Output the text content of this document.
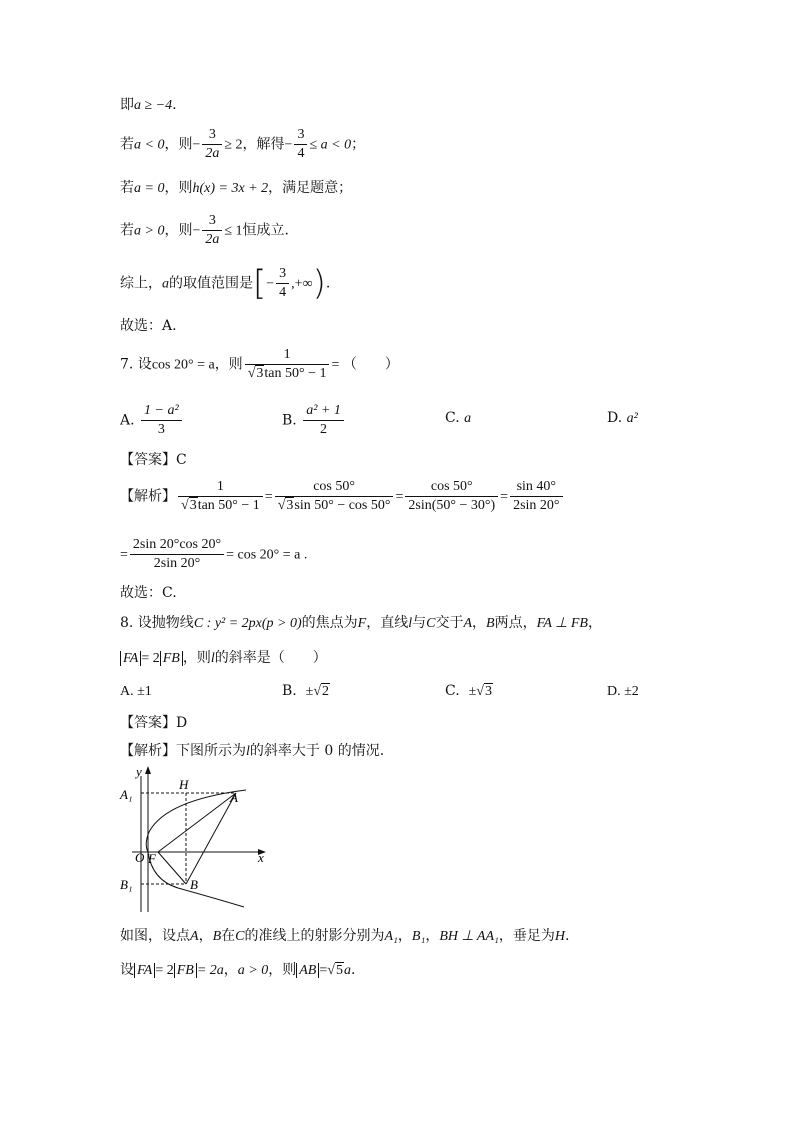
即a ≥ −4.
若a < 0，则− $\frac{3}{2a} \ge 2$，解得− $\frac{3}{4} \le a < 0$；
若a = 0，则h(x) = 3x + 2，满足题意；
若a > 0，则− $\frac{3}{2a} \le 1$恒成立.
综上，a的取值范围是[− $\frac{3}{4}$ ,+∞).
故选：A.
7. 设cos 20° = a，则 $\frac{1}{√3\tan 50^\circ - 1}$ = （　　）
A. $\frac{\text{1 − a²}}{3}$	B. $\frac{\text{a² + 1}}{2}$	C. a	D. a²
【答案】C
【解析】 $\frac{1}{√3\tan 50^\circ - 1} = \frac{\cos 50^\circ}{√3\sin 50^\circ - \cos 50^\circ} = \frac{\cos 50^\circ}{2\sin(50^\circ - 30^\circ)} = \frac{\sin 40^\circ}{2\sin 20^\circ}$
= $\frac{2\sin 20^\circ\cos 20^\circ}{2\sin 20^\circ} = \cos 20^\circ = a$ .
故选：C.
8. 设抛物线C : y² = 2px(p > 0)的焦点为F，直线l与C交于A，B两点，FA ⊥ FB，
FA = 2 FB ，则l的斜率是（　　）
A. ±1	B. ±√2	C. ±√3	D. ±2
【答案】D
【解析】下图所示为l的斜率大于 0 的情况.
y
x
A₁
H
A
O F
B₁	B
如图，设点A，B在C的准线上的射影分别为A₁，B₁，BH ⊥ AA₁，垂足为H.
设 FA = 2 FB = 2a，a > 0，则 AB =√5a.
